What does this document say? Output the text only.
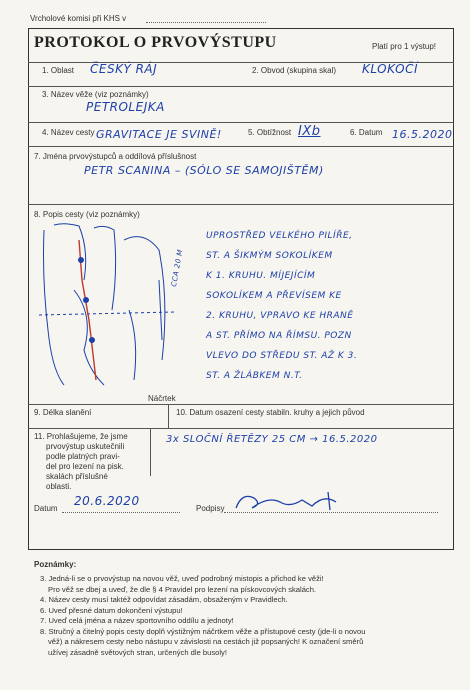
Vrcholové komisi při KHS v
PROTOKOL O PRVOVÝSTUPU	Platí pro 1 výstup!
1. Oblast ČESKÝ RÁJ	2. Obvod (skupina skal) KLOKOČÍ
3. Název věže (viz poznámky)
PETROLEJKA
4. Název cesty GRAVITACE JE SVINĚ!	5. Obtížnost IXb	6. Datum 16.5.2020
7. Jména prvovýstupců a oddílová příslušnost
PETR SCANINA – (SÓLO SE SAMOJIŠTĚM)
8. Popis cesty (viz poznámky)
CCA 20 M
Náčrtek
UPROSTŘED VELKÉHO PILÍŘE,
ST. A ŠIKMÝM SOKOLÍKEM
K 1. KRUHU. MÍJEJÍCÍM
SOKOLÍKEM A PŘEVÍSEM KE
2. KRUHU, VPRAVO KE HRANĚ
A ST. PŘÍMO NA ŘÍMSU. POZN
VLEVO DO STŘEDU ST. AŽ K 3.
ST. A ŽLÁBKEM N.T.
9. Délka slanění	10. Datum osazení cesty stabiln. kruhy a jejich původ
11. Prohlašujeme, že jsme
prvovýstup uskutečnili
podle platných pravi-
del pro lezení na pisk.
skalách příslušné
oblasti.
3x SLOČNÍ ŘETĚZY 25 CM → 16.5.2020
Datum
20.6.2020
Podpisy
Poznámky:
3. Jedná-li se o prvovýstup na novou věž, uveď podrobný mistopis a přichod ke věži!
Pro věž se dbej a uveď, že dle § 4 Pravidel pro lezení na pískovcových skalách.
4. Název cesty musí taktéž odpovídat zásadám, obsaženým v Pravidlech.
6. Uveď přesné datum dokončení výstupu!
7. Uveď celá jména a název sportovního oddílu a jednoty!
8. Stručný a čitelný popis cesty doplň výstižným náčrtkem věže a přístupové cesty (jde-li o novou
věž) a nákresem cesty nebo nástupu v závislosti na cestách již popsaných! K označení směrů
užívej zásadně světových stran, určených dle busoly!
